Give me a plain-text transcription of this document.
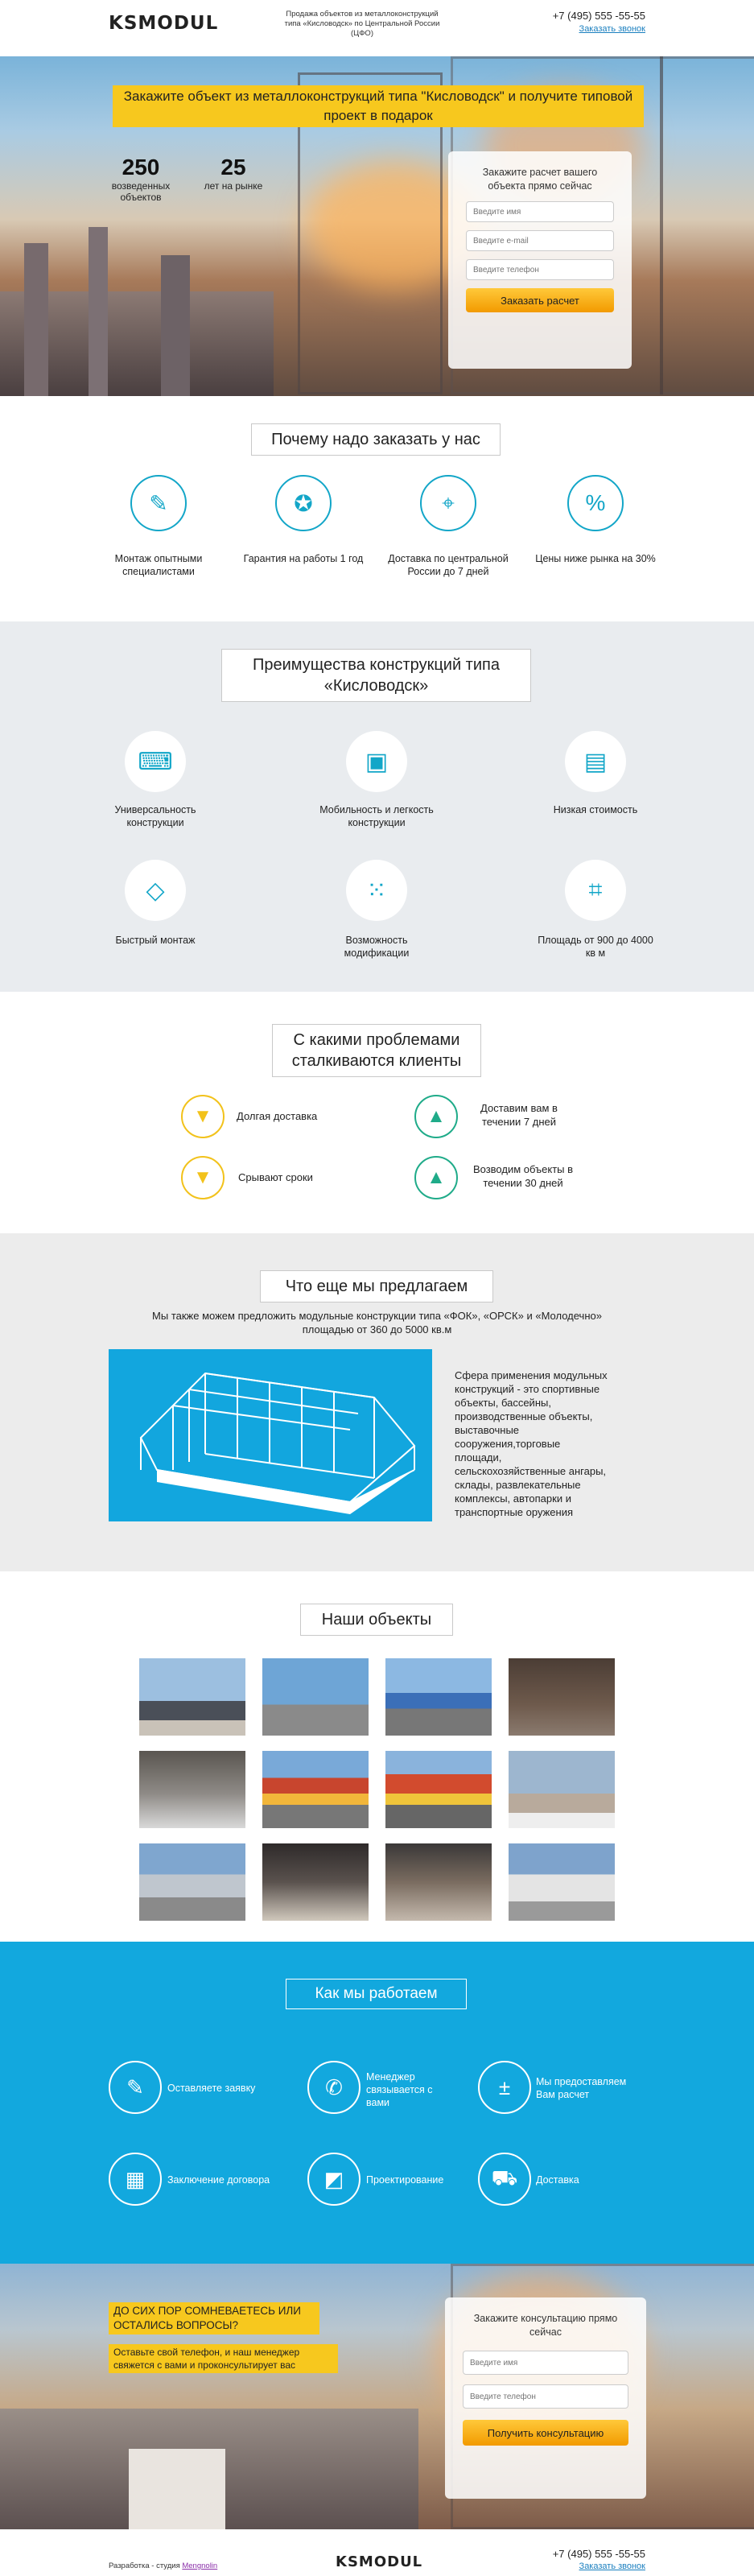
KSMODUL	Продажа объектов из металлоконструкций типа «Кисловодск» по Центральной России (ЦФО)
+7 (495) 555 -55-55
Заказать звонок
Закажите объект из металлоконструкций типа "Кисловодск" и получите типовой проект в подарок
250
возведенных объектов
25
лет на рынке
Закажите расчет вашего объекта прямо сейчас
Введите имя
Введите e-mail
Введите телефон
Заказать расчет
Почему надо заказать у нас
✎
Монтаж опытными специалистами
✪
Гарантия на работы 1 год
⌖
Доставка по центральной России до 7 дней
%
Цены ниже рынка на 30%
Преимущества конструкций типа «Кисловодск»
⌨
Универсальность конструкции
▣
Мобильность и легкость конструкции
▤
Низкая стоимость
◇
Быстрый монтаж
⁙
Возможность модификации
⌗
Площадь от 900 до 4000 кв м
С какими проблемами сталкиваются клиенты
▼	Долгая доставка	▲	Доставим вам в течении 7 дней
▼	Срывают сроки	▲	Возводим объекты в течении 30 дней
Что еще мы предлагаем
Мы также можем предложить модульные конструкции типа «ФОК», «ОРСК» и «Молодечно» площадью от 360 до 5000 кв.м
Сфера применения модульных конструкций - это спортивные объекты, бассейны, производственные объекты, выставочные сооружения,торговые площади, сельскохозяйственные ангары, склады, развлекательные комплексы, автопарки и транспортные оружения
Наши объекты
Как мы работаем
✎	Оставляете заявку	✆	Менеджер связывается с вами
±	Мы предоставляем Вам расчет
▦	Заключение договора	◩	Проектирование	⛟	Доставка
ДО СИХ ПОР СОМНЕВАЕТЕСЬ ИЛИ ОСТАЛИСЬ ВОПРОСЫ?
Оставьте свой телефон, и наш менеджер свяжется с вами и проконсультирует вас
Закажите консультацию прямо сейчас
Введите имя
Введите телефон
Получить консультацию
Разработка - студия Mengnolin	KSMODUL	+7 (495) 555 -55-55
Заказать звонок
